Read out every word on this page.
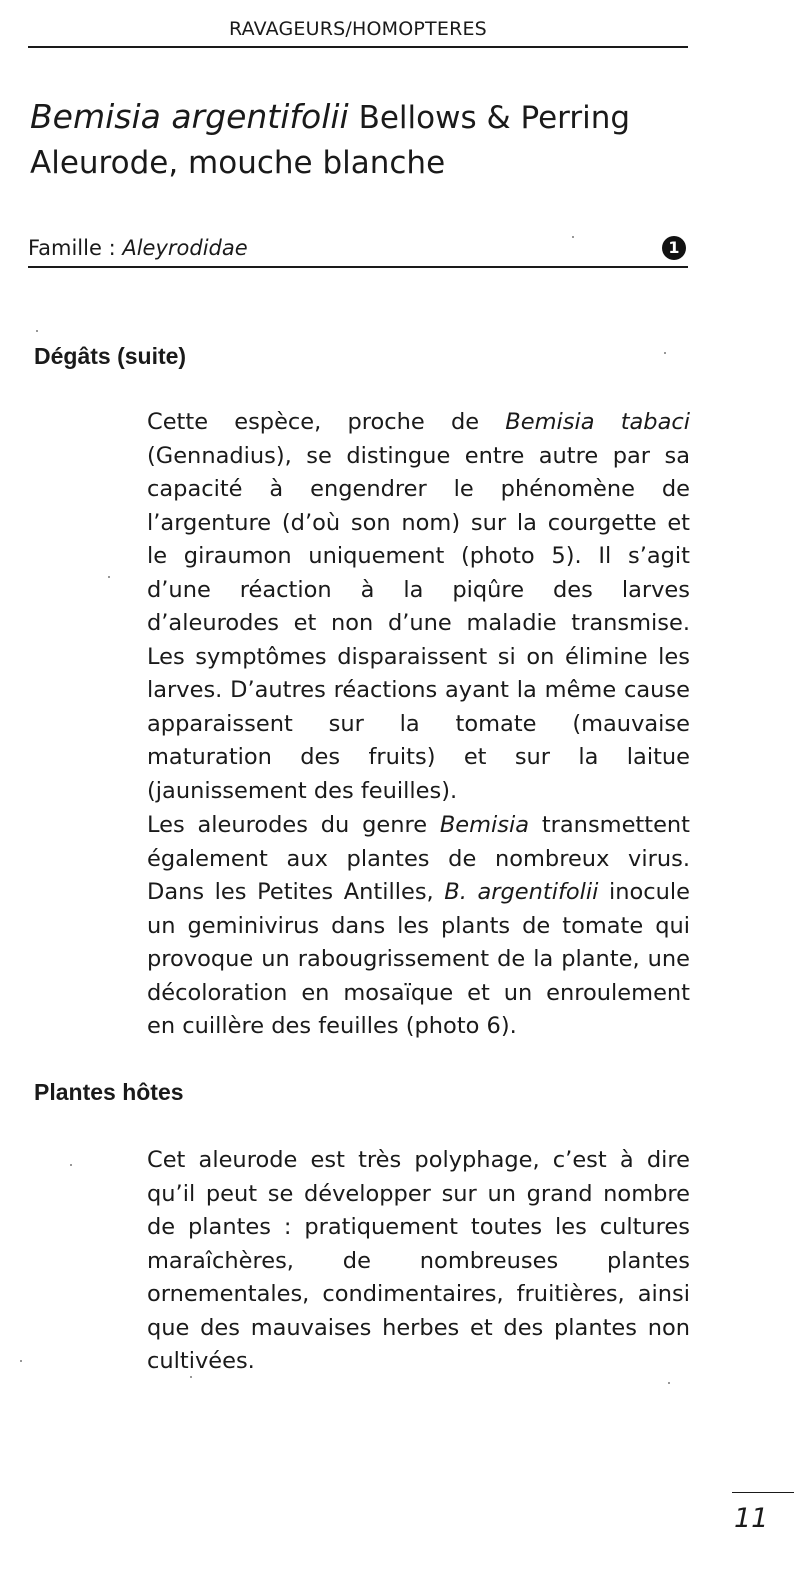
RAVAGEURS/HOMOPTERES
Bemisia argentifolii Bellows & Perring
Aleurode, mouche blanche
Famille : Aleyrodidae	1
Dégâts (suite)
Cette espèce, proche de Bemisia tabaci (Gennadius), se distingue entre autre par sa capacité à engendrer le phénomène de l’argenture (d’où son nom) sur la courgette et le giraumon uniquement (photo 5). Il s’agit d’une réaction à la piqûre des larves d’aleurodes et non d’une maladie transmise. Les symptômes disparaissent si on élimine les larves. D’autres réactions ayant la même cause apparaissent sur la tomate (mauvaise maturation des fruits) et sur la laitue (jaunissement des feuilles).
Les aleurodes du genre Bemisia transmettent également aux plantes de nombreux virus. Dans les Petites Antilles, B. argentifolii inocule un geminivirus dans les plants de tomate qui provoque un rabougrissement de la plante, une décoloration en mosaïque et un enroulement en cuillère des feuilles (photo 6).
Plantes hôtes
Cet aleurode est très polyphage, c’est à dire qu’il peut se développer sur un grand nombre de plantes : pratiquement toutes les cultures maraîchères, de nombreuses plantes ornementales, condimentaires, fruitières, ainsi que des mauvaises herbes et des plantes non cultivées.
11
